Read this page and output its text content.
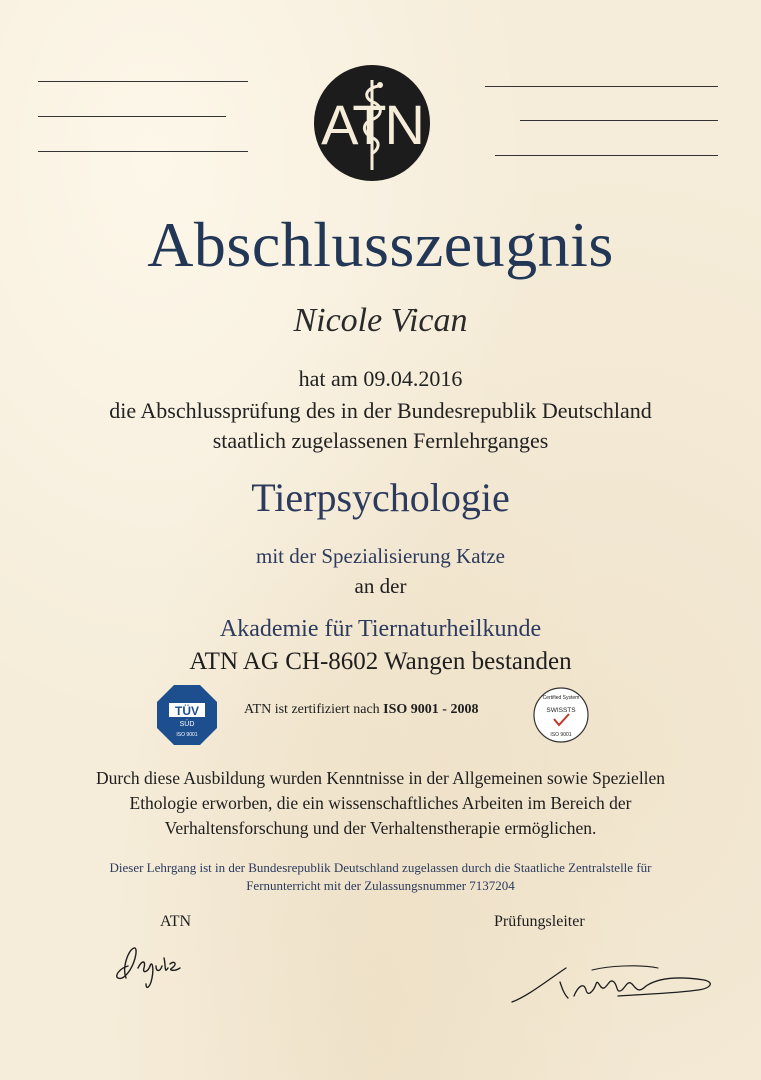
ATN
Abschlusszeugnis
Nicole Vican
hat am 09.04.2016
die Abschlussprüfung des in der Bundesrepublik Deutschland
staatlich zugelassenen Fernlehrganges
Tierpsychologie
mit der Spezialisierung Katze
an der
Akademie für Tiernaturheilkunde
ATN AG CH-8602 Wangen bestanden
TÜV
SÜD
ISO 9001
ATN ist zertifiziert nach ISO 9001 - 2008
Certified System
SWISSTS
ISO 9001
Durch diese Ausbildung wurden Kenntnisse in der Allgemeinen sowie Speziellen
Ethologie erworben, die ein wissenschaftliches Arbeiten im Bereich der
Verhaltensforschung und der Verhaltenstherapie ermöglichen.
Dieser Lehrgang ist in der Bundesrepublik Deutschland zugelassen durch die Staatliche Zentralstelle für
Fernunterricht mit der Zulassungsnummer 7137204
ATN	Prüfungsleiter
